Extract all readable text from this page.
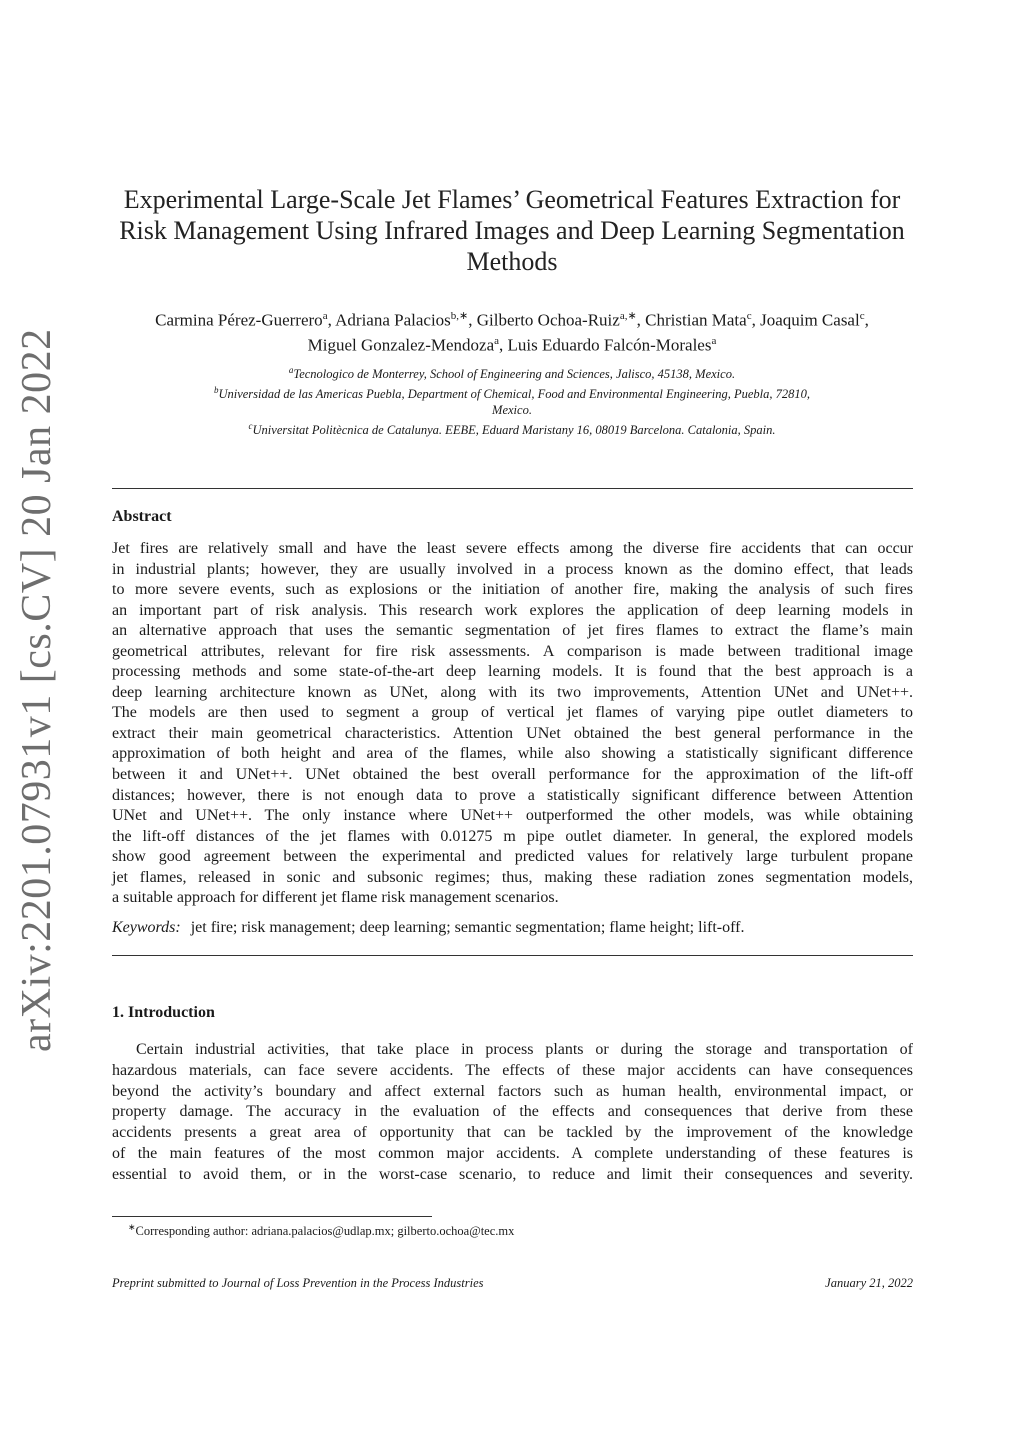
arXiv:2201.07931v1 [cs.CV] 20 Jan 2022
Experimental Large-Scale Jet Flames’ Geometrical Features Extraction for
Risk Management Using Infrared Images and Deep Learning Segmentation
Methods
Carmina Pérez-Guerrero$^a$, Adriana Palacios$^{b,∗}$, Gilberto Ochoa-Ruiz$^{a,∗}$, Christian Mata$^c$, Joaquim Casal$^c$,
Miguel Gonzalez-Mendoza$^a$, Luis Eduardo Falcón-Morales$^a$
$^a$Tecnologico de Monterrey, School of Engineering and Sciences, Jalisco, 45138, Mexico.
$^b$Universidad de las Americas Puebla, Department of Chemical, Food and Environmental Engineering, Puebla, 72810,
Mexico.
$^c$Universitat Politècnica de Catalunya. EEBE, Eduard Maristany 16, 08019 Barcelona. Catalonia, Spain.
Abstract
Jet fires are relatively small and have the least severe effects among the diverse fire accidents that can occur
in industrial plants; however, they are usually involved in a process known as the domino effect, that leads
to more severe events, such as explosions or the initiation of another fire, making the analysis of such fires
an important part of risk analysis. This research work explores the application of deep learning models in
an alternative approach that uses the semantic segmentation of jet fires flames to extract the flame’s main
geometrical attributes, relevant for fire risk assessments. A comparison is made between traditional image
processing methods and some state-of-the-art deep learning models. It is found that the best approach is a
deep learning architecture known as UNet, along with its two improvements, Attention UNet and UNet++.
The models are then used to segment a group of vertical jet flames of varying pipe outlet diameters to
extract their main geometrical characteristics. Attention UNet obtained the best general performance in the
approximation of both height and area of the flames, while also showing a statistically significant difference
between it and UNet++. UNet obtained the best overall performance for the approximation of the lift-off
distances; however, there is not enough data to prove a statistically significant difference between Attention
UNet and UNet++. The only instance where UNet++ outperformed the other models, was while obtaining
the lift-off distances of the jet flames with 0.01275 m pipe outlet diameter. In general, the explored models
show good agreement between the experimental and predicted values for relatively large turbulent propane
jet flames, released in sonic and subsonic regimes; thus, making these radiation zones segmentation models,
a suitable approach for different jet flame risk management scenarios.
Keywords: jet fire; risk management; deep learning; semantic segmentation; flame height; lift-off.
1. Introduction
Certain industrial activities, that take place in process plants or during the storage and transportation of
hazardous materials, can face severe accidents. The effects of these major accidents can have consequences
beyond the activity’s boundary and affect external factors such as human health, environmental impact, or
property damage. The accuracy in the evaluation of the effects and consequences that derive from these
accidents presents a great area of opportunity that can be tackled by the improvement of the knowledge
of the main features of the most common major accidents. A complete understanding of these features is
essential to avoid them, or in the worst-case scenario, to reduce and limit their consequences and severity.
∗Corresponding author: adriana.palacios@udlap.mx; gilberto.ochoa@tec.mx
Preprint submitted to Journal of Loss Prevention in the Process Industries	January 21, 2022
